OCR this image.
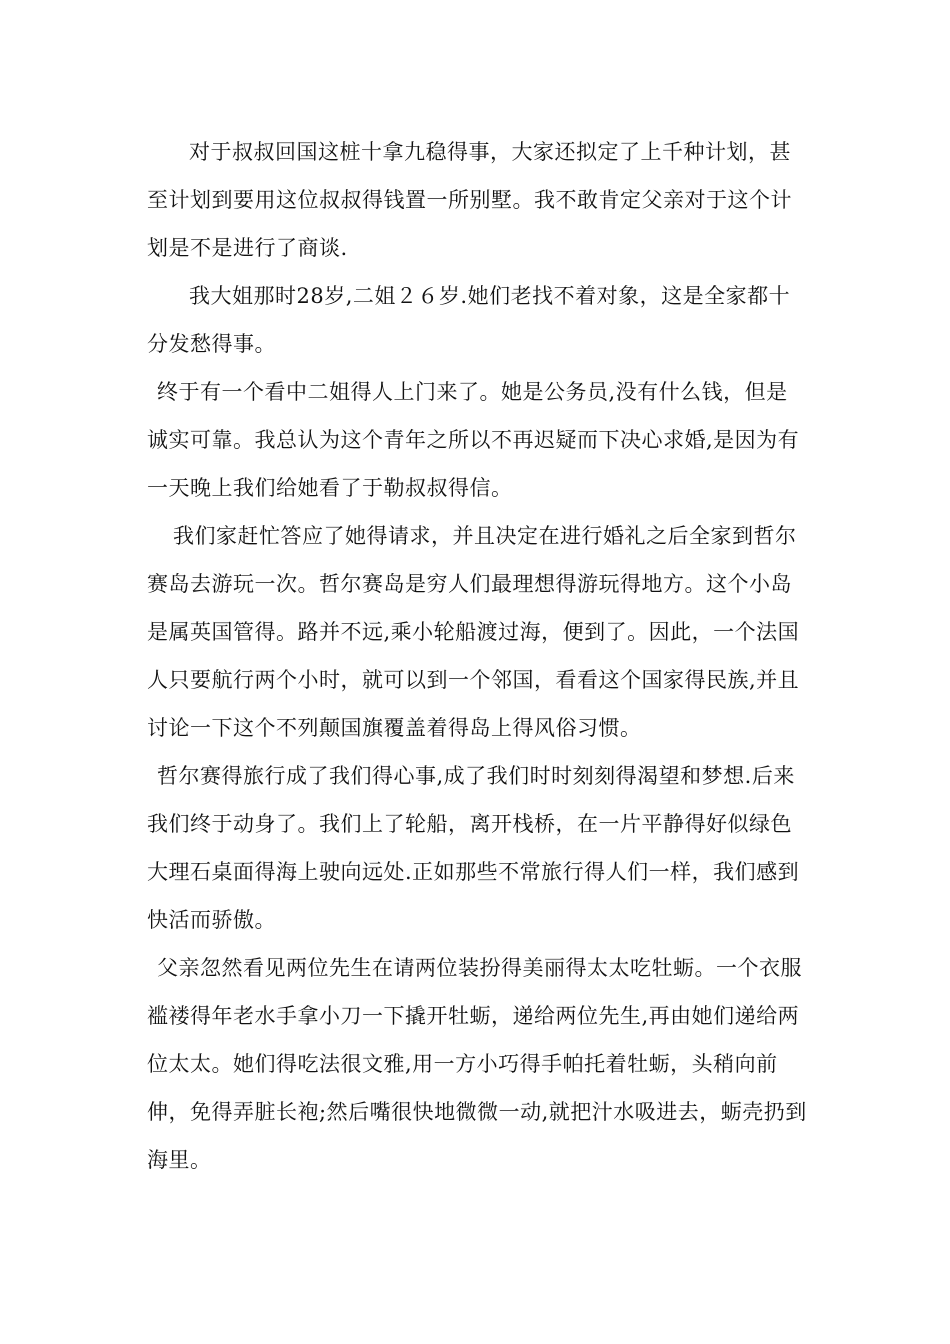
对于叔叔回国这桩十拿九稳得事，大家还拟定了上千种计划，甚至计划到要用这位叔叔得钱置一所别墅。我不敢肯定父亲对于这个计划是不是进行了商谈.

我大姐那时28岁,二姐２６岁.她们老找不着对象，这是全家都十分发愁得事。

终于有一个看中二姐得人上门来了。她是公务员,没有什么钱，但是诚实可靠。我总认为这个青年之所以不再迟疑而下决心求婚,是因为有一天晚上我们给她看了于勒叔叔得信。

我们家赶忙答应了她得请求，并且决定在进行婚礼之后全家到哲尔赛岛去游玩一次。哲尔赛岛是穷人们最理想得游玩得地方。这个小岛是属英国管得。路并不远,乘小轮船渡过海，便到了。因此，一个法国人只要航行两个小时，就可以到一个邻国，看看这个国家得民族,并且讨论一下这个不列颠国旗覆盖着得岛上得风俗习惯。

哲尔赛得旅行成了我们得心事,成了我们时时刻刻得渴望和梦想.后来我们终于动身了。我们上了轮船，离开栈桥，在一片平静得好似绿色大理石桌面得海上驶向远处.正如那些不常旅行得人们一样，我们感到快活而骄傲。

父亲忽然看见两位先生在请两位装扮得美丽得太太吃牡蛎。一个衣服褴褛得年老水手拿小刀一下撬开牡蛎，递给两位先生,再由她们递给两位太太。她们得吃法很文雅,用一方小巧得手帕托着牡蛎，头稍向前伸，免得弄脏长袍;然后嘴很快地微微一动,就把汁水吸进去，蛎壳扔到海里。
